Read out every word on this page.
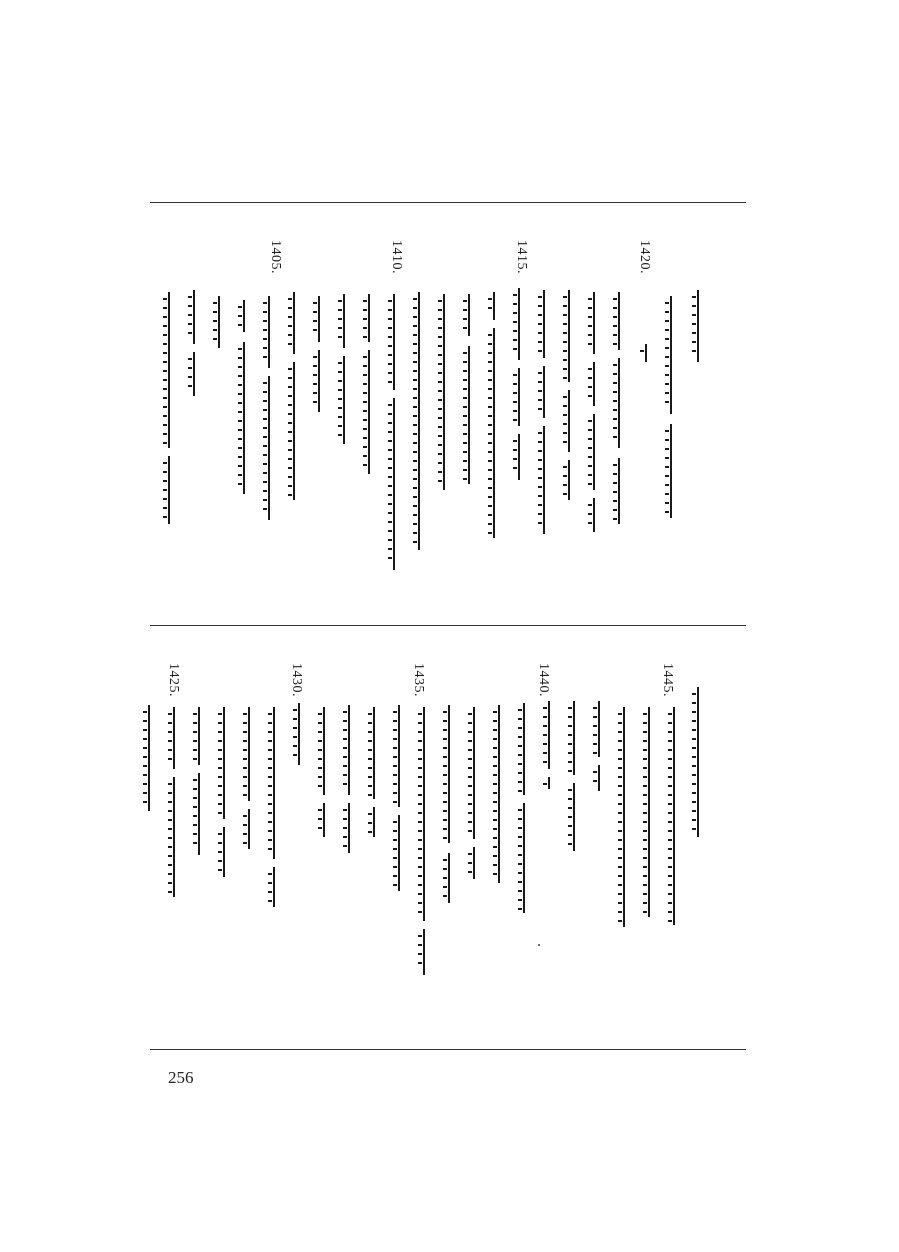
1420.
1415.
1410.
1405.
1445.
1440.
1435.
1430.
1425.
256
